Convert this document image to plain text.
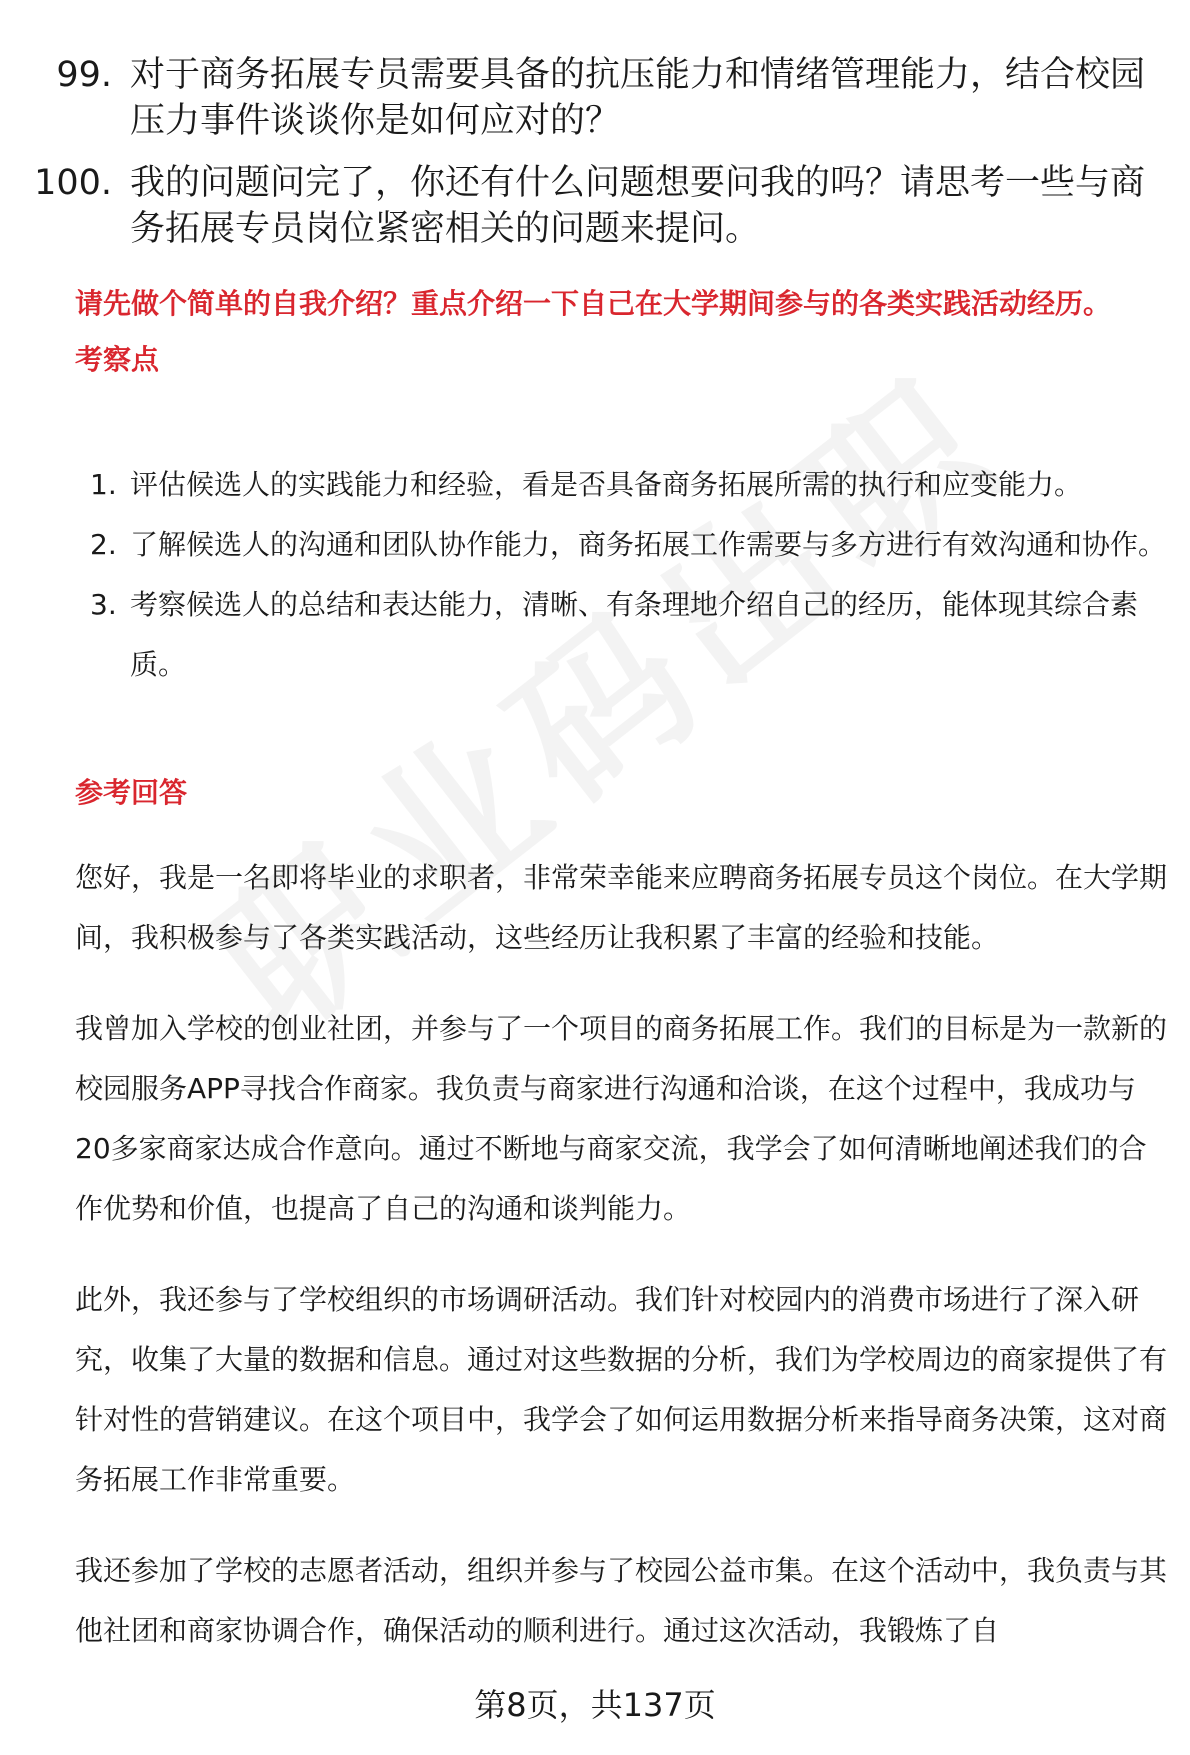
99. 对于商务拓展专员需要具备的抗压能力和情绪管理能力，结合校园压力事件谈谈你是如何应对的？
100. 我的问题问完了，你还有什么问题想要问我的吗？请思考一些与商务拓展专员岗位紧密相关的问题来提问。
请先做个简单的自我介绍？重点介绍一下自己在大学期间参与的各类实践活动经历。
考察点
1. 评估候选人的实践能力和经验，看是否具备商务拓展所需的执行和应变能力。
2. 了解候选人的沟通和团队协作能力，商务拓展工作需要与多方进行有效沟通和协作。
3. 考察候选人的总结和表达能力，清晰、有条理地介绍自己的经历，能体现其综合素质。
参考回答

您好，我是一名即将毕业的求职者，非常荣幸能来应聘商务拓展专员这个岗位。在大学期间，我积极参与了各类实践活动，这些经历让我积累了丰富的经验和技能。

我曾加入学校的创业社团，并参与了一个项目的商务拓展工作。我们的目标是为一款新的校园服务APP寻找合作商家。我负责与商家进行沟通和洽谈，在这个过程中，我成功与20多家商家达成合作意向。通过不断地与商家交流，我学会了如何清晰地阐述我们的合作优势和价值，也提高了自己的沟通和谈判能力。

此外，我还参与了学校组织的市场调研活动。我们针对校园内的消费市场进行了深入研究，收集了大量的数据和信息。通过对这些数据的分析，我们为学校周边的商家提供了有针对性的营销建议。在这个项目中，我学会了如何运用数据分析来指导商务决策，这对商务拓展工作非常重要。

我还参加了学校的志愿者活动，组织并参与了校园公益市集。在这个活动中，我负责与其他社团和商家协调合作，确保活动的顺利进行。通过这次活动，我锻炼了自

第8页，共137页
